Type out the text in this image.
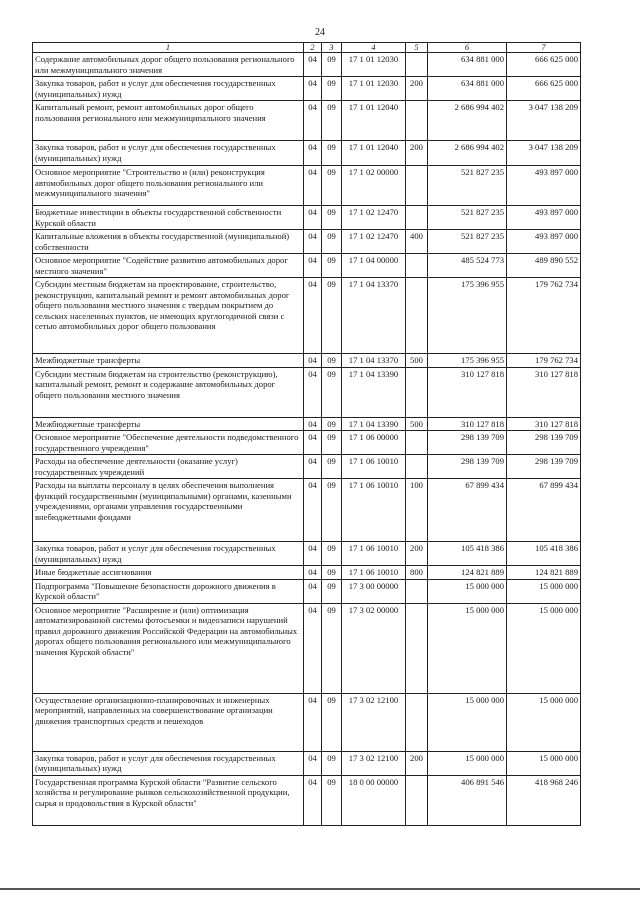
24
1	2	3	4	5	6	7
Содержание автомобильных дорог общего пользования регионального или межмуниципального значения	04	09	17 1 01 12030		634 881 000	666 625 000
Закупка товаров, работ и услуг для обеспечения государственных (муниципальных) нужд	04	09	17 1 01 12030	200	634 881 000	666 625 000
Капитальный ремонт, ремонт автомобильных дорог общего пользования регионального или межмуниципального значения	04	09	17 1 01 12040		2 686 994 402	3 047 138 209
Закупка товаров, работ и услуг для обеспечения государственных (муниципальных) нужд	04	09	17 1 01 12040	200	2 686 994 402	3 047 138 209
Основное мероприятие "Строительство и (или) реконструкция автомобильных дорог общего пользования регионального или межмуниципального значения"	04	09	17 1 02 00000		521 827 235	493 897 000
Бюджетные инвестиции в объекты государственной собственности Курской области	04	09	17 1 02 12470		521 827 235	493 897 000
Капитальные вложения в объекты государственной (муниципальной) собственности	04	09	17 1 02 12470	400	521 827 235	493 897 000
Основное мероприятие "Содействие развитию автомобильных дорог местного значения"	04	09	17 1 04 00000		485 524 773	489 890 552
Субсидии местным бюджетам на проектирование, строительство, реконструкцию, капитальный ремонт и ремонт автомобильных дорог общего пользования местного значения с твердым покрытием до сельских населенных пунктов, не имеющих круглогодичной связи с сетью автомобильных дорог общего пользования	04	09	17 1 04 13370		175 396 955	179 762 734
Межбюджетные трансферты	04	09	17 1 04 13370	500	175 396 955	179 762 734
Субсидии местным бюджетам на строительство (реконструкцию), капитальный ремонт, ремонт и содержание автомобильных дорог общего пользования местного значения	04	09	17 1 04 13390		310 127 818	310 127 818
Межбюджетные трансферты	04	09	17 1 04 13390	500	310 127 818	310 127 818
Основное мероприятие "Обеспечение деятельности подведомственного государственного учреждения"	04	09	17 1 06 00000		298 139 709	298 139 709
Расходы на обеспечение деятельности (оказание услуг) государственных учреждений	04	09	17 1 06 10010		298 139 709	298 139 709
Расходы на выплаты персоналу в целях обеспечения выполнения функций государственными (муниципальными) органами, казенными учреждениями, органами управления государственными внебюджетными фондами	04	09	17 1 06 10010	100	67 899 434	67 899 434
Закупка товаров, работ и услуг для обеспечения государственных (муниципальных) нужд	04	09	17 1 06 10010	200	105 418 386	105 418 386
Иные бюджетные ассигнования	04	09	17 1 06 10010	800	124 821 889	124 821 889
Подпрограмма "Повышение безопасности дорожного движения в Курской области"	04	09	17 3 00 00000		15 000 000	15 000 000
Основное мероприятие "Расширение и (или) оптимизация автоматизированной системы фотосъемки и видеозаписи нарушений правил дорожного движения Российской Федерации на автомобильных дорогах общего пользования регионального или межмуниципального значения Курской области"	04	09	17 3 02 00000		15 000 000	15 000 000
Осуществление организационно-планировочных и инженерных мероприятий, направленных на совершенствование организации движения транспортных средств и пешеходов	04	09	17 3 02 12100		15 000 000	15 000 000
Закупка товаров, работ и услуг для обеспечения государственных (муниципальных) нужд	04	09	17 3 02 12100	200	15 000 000	15 000 000
Государственная программа Курской области "Развитие сельского хозяйства и регулирование рынков сельскохозяйственной продукции, сырья и продовольствия в Курской области"	04	09	18 0 00 00000		406 891 546	418 968 246
